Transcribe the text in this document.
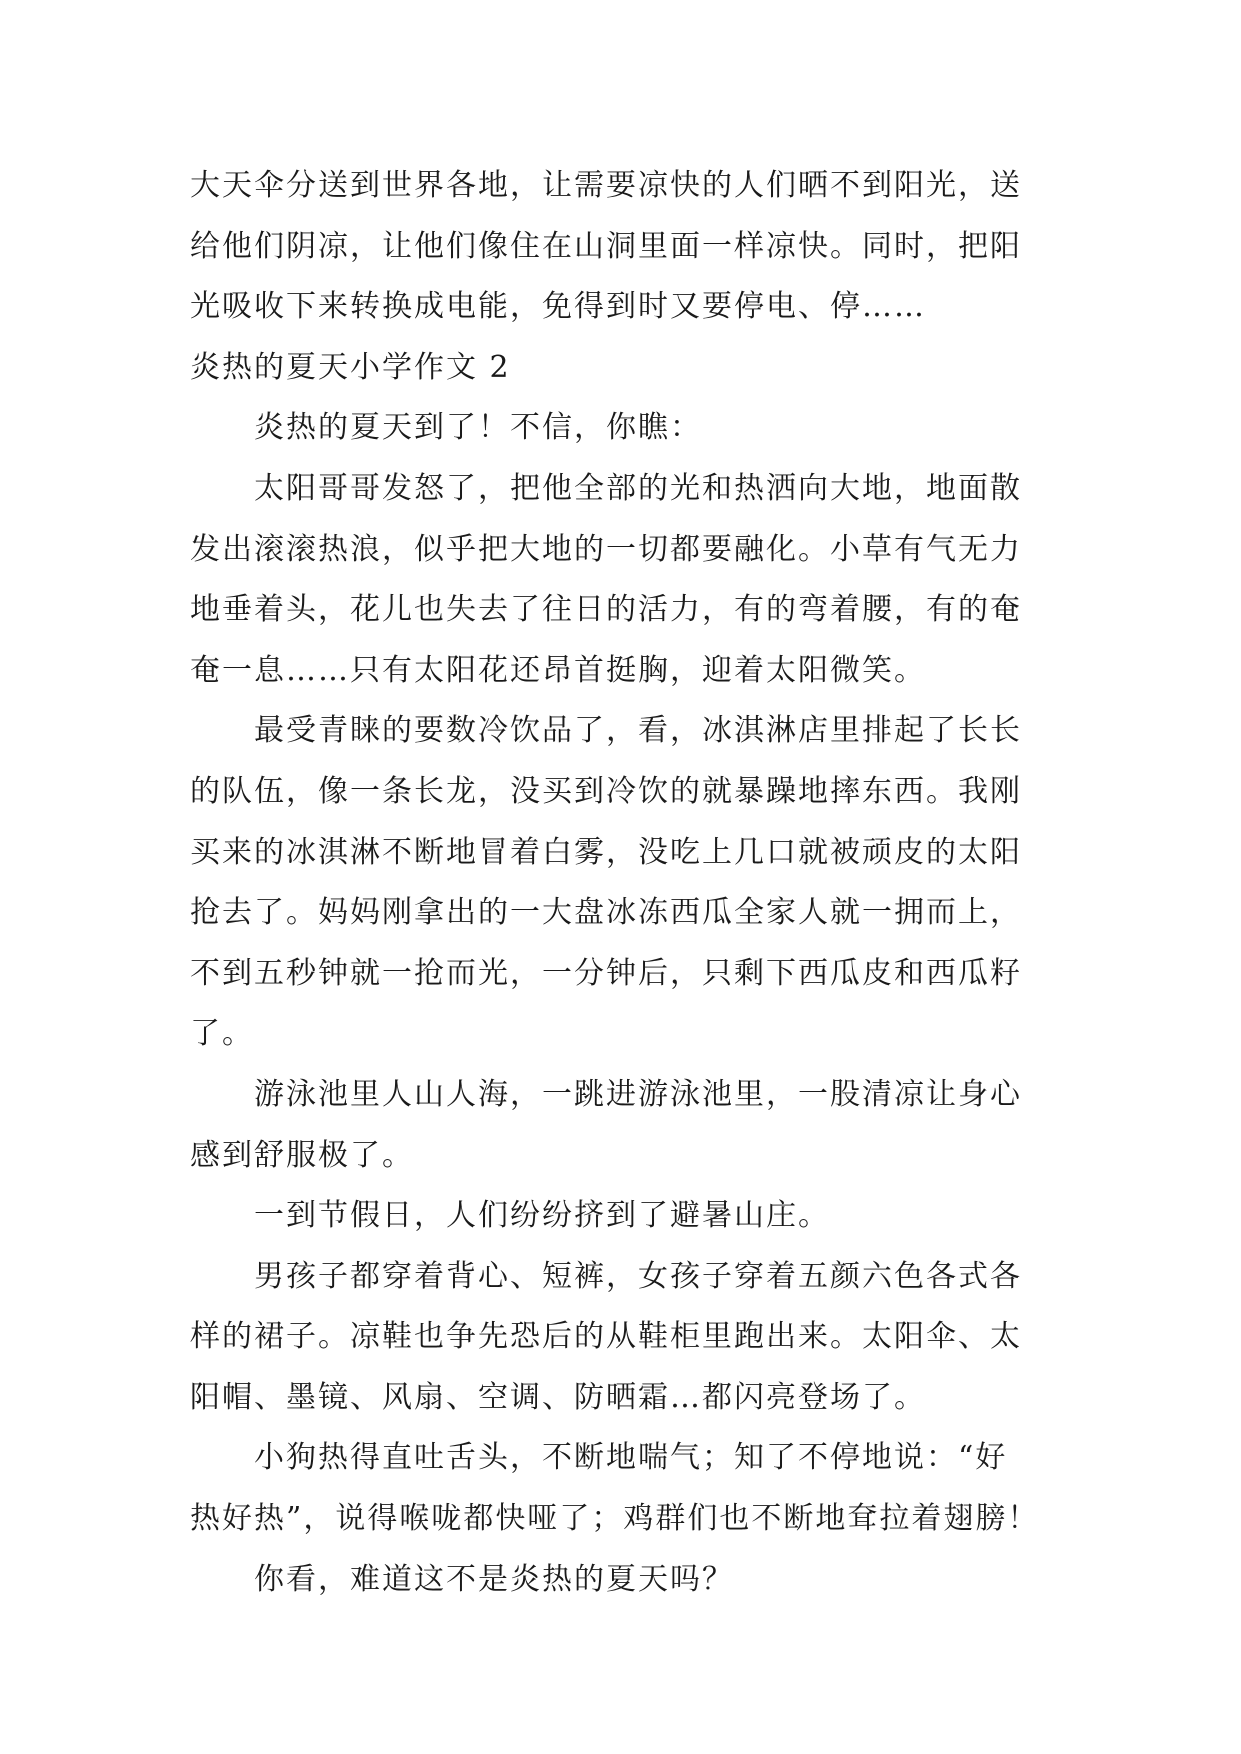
大天伞分送到世界各地，让需要凉快的人们晒不到阳光，送
给他们阴凉，让他们像住在山洞里面一样凉快。同时，把阳
光吸收下来转换成电能，免得到时又要停电、停……
炎热的夏天小学作文 2
炎热的夏天到了！不信，你瞧：
太阳哥哥发怒了，把他全部的光和热洒向大地，地面散
发出滚滚热浪，似乎把大地的一切都要融化。小草有气无力
地垂着头，花儿也失去了往日的活力，有的弯着腰，有的奄
奄一息……只有太阳花还昂首挺胸，迎着太阳微笑。
最受青睐的要数冷饮品了，看，冰淇淋店里排起了长长
的队伍，像一条长龙，没买到冷饮的就暴躁地摔东西。我刚
买来的冰淇淋不断地冒着白雾，没吃上几口就被顽皮的太阳
抢去了。妈妈刚拿出的一大盘冰冻西瓜全家人就一拥而上，
不到五秒钟就一抢而光，一分钟后，只剩下西瓜皮和西瓜籽
了。
游泳池里人山人海，一跳进游泳池里，一股清凉让身心
感到舒服极了。
一到节假日，人们纷纷挤到了避暑山庄。
男孩子都穿着背心、短裤，女孩子穿着五颜六色各式各
样的裙子。凉鞋也争先恐后的从鞋柜里跑出来。太阳伞、太
阳帽、墨镜、风扇、空调、防晒霜…都闪亮登场了。
小狗热得直吐舌头，不断地喘气；知了不停地说：“好
热好热”，说得喉咙都快哑了；鸡群们也不断地耷拉着翅膀！
你看，难道这不是炎热的夏天吗？
